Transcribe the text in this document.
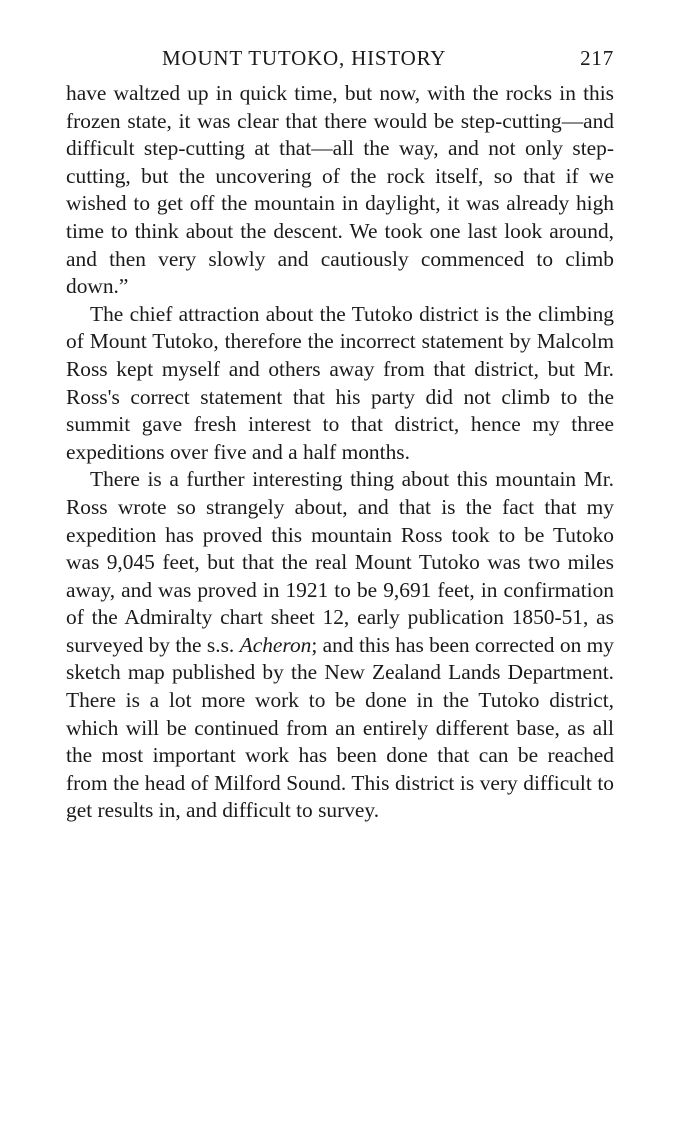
MOUNT TUTOKO, HISTORY	217

have waltzed up in quick time, but now, with the rocks in this frozen state, it was clear that there would be step-cutting—and difficult step-cutting at that—all the way, and not only step-cutting, but the uncovering of the rock itself, so that if we wished to get off the mountain in daylight, it was already high time to think about the descent. We took one last look around, and then very slowly and cautiously commenced to climb down.”

The chief attraction about the Tutoko district is the climbing of Mount Tutoko, therefore the incorrect statement by Malcolm Ross kept myself and others away from that district, but Mr. Ross's correct statement that his party did not climb to the summit gave fresh interest to that district, hence my three expeditions over five and a half months.

There is a further interesting thing about this mountain Mr. Ross wrote so strangely about, and that is the fact that my expedition has proved this mountain Ross took to be Tutoko was 9,045 feet, but that the real Mount Tutoko was two miles away, and was proved in 1921 to be 9,691 feet, in confirmation of the Admiralty chart sheet 12, early publication 1850-51, as surveyed by the s.s. Acheron; and this has been corrected on my sketch map published by the New Zealand Lands Department. There is a lot more work to be done in the Tutoko district, which will be continued from an entirely different base, as all the most important work has been done that can be reached from the head of Milford Sound. This district is very difficult to get results in, and difficult to survey.
